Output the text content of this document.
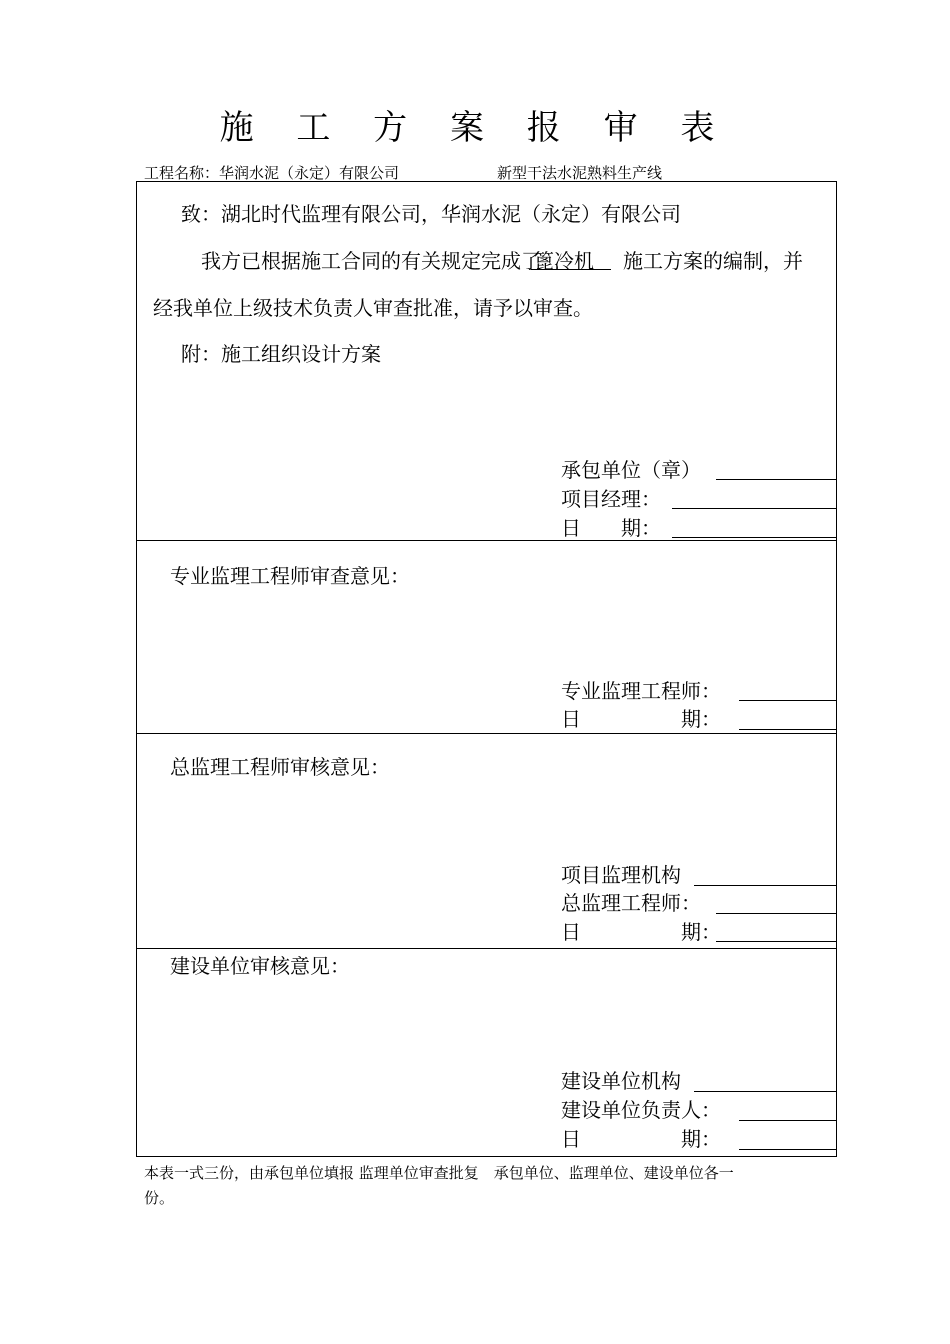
施 工 方 案 报 审 表
工程名称：华润水泥（永定）有限公司	新型干法水泥熟料生产线
致：湖北时代监理有限公司，华润水泥（永定）有限公司
我方已根据施工合同的有关规定完成了
篦冷机 施工方案的编制，并
经我单位上级技术负责人审查批准，请予以审查。
附：施工组织设计方案
承包单位（章）
项目经理：
日　　期：
专业监理工程师审查意见：
专业监理工程师：
日　　　　　期：
总监理工程师审核意见：
项目监理机构
总监理工程师：
日　　　　　期：
建设单位审核意见：
建设单位机构
建设单位负责人：
日　　　　　期：
本表一式三份，由承包单位填报 监理单位审查批复　承包单位、监理单位、建设单位各一
份。
